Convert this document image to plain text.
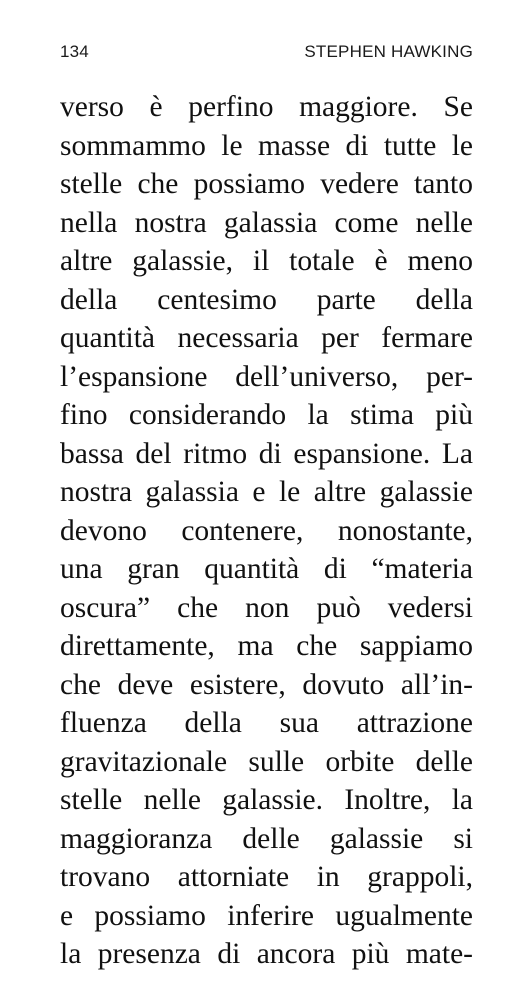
134	STEPHEN HAWKING
verso è perfino maggiore. Se
sommammo le masse di tutte le
stelle che possiamo vedere tanto
nella nostra galassia come nelle
altre galassie, il totale è meno
della centesimo parte della
quantità necessaria per fermare
l’espansione dell’universo, per-
fino considerando la stima più
bassa del ritmo di espansione. La
nostra galassia e le altre galassie
devono contenere, nonostante,
una gran quantità di “materia
oscura” che non può vedersi
direttamente, ma che sappiamo
che deve esistere, dovuto all’in-
fluenza della sua attrazione
gravitazionale sulle orbite delle
stelle nelle galassie. Inoltre, la
maggioranza delle galassie si
trovano attorniate in grappoli,
e possiamo inferire ugualmente
la presenza di ancora più mate-
